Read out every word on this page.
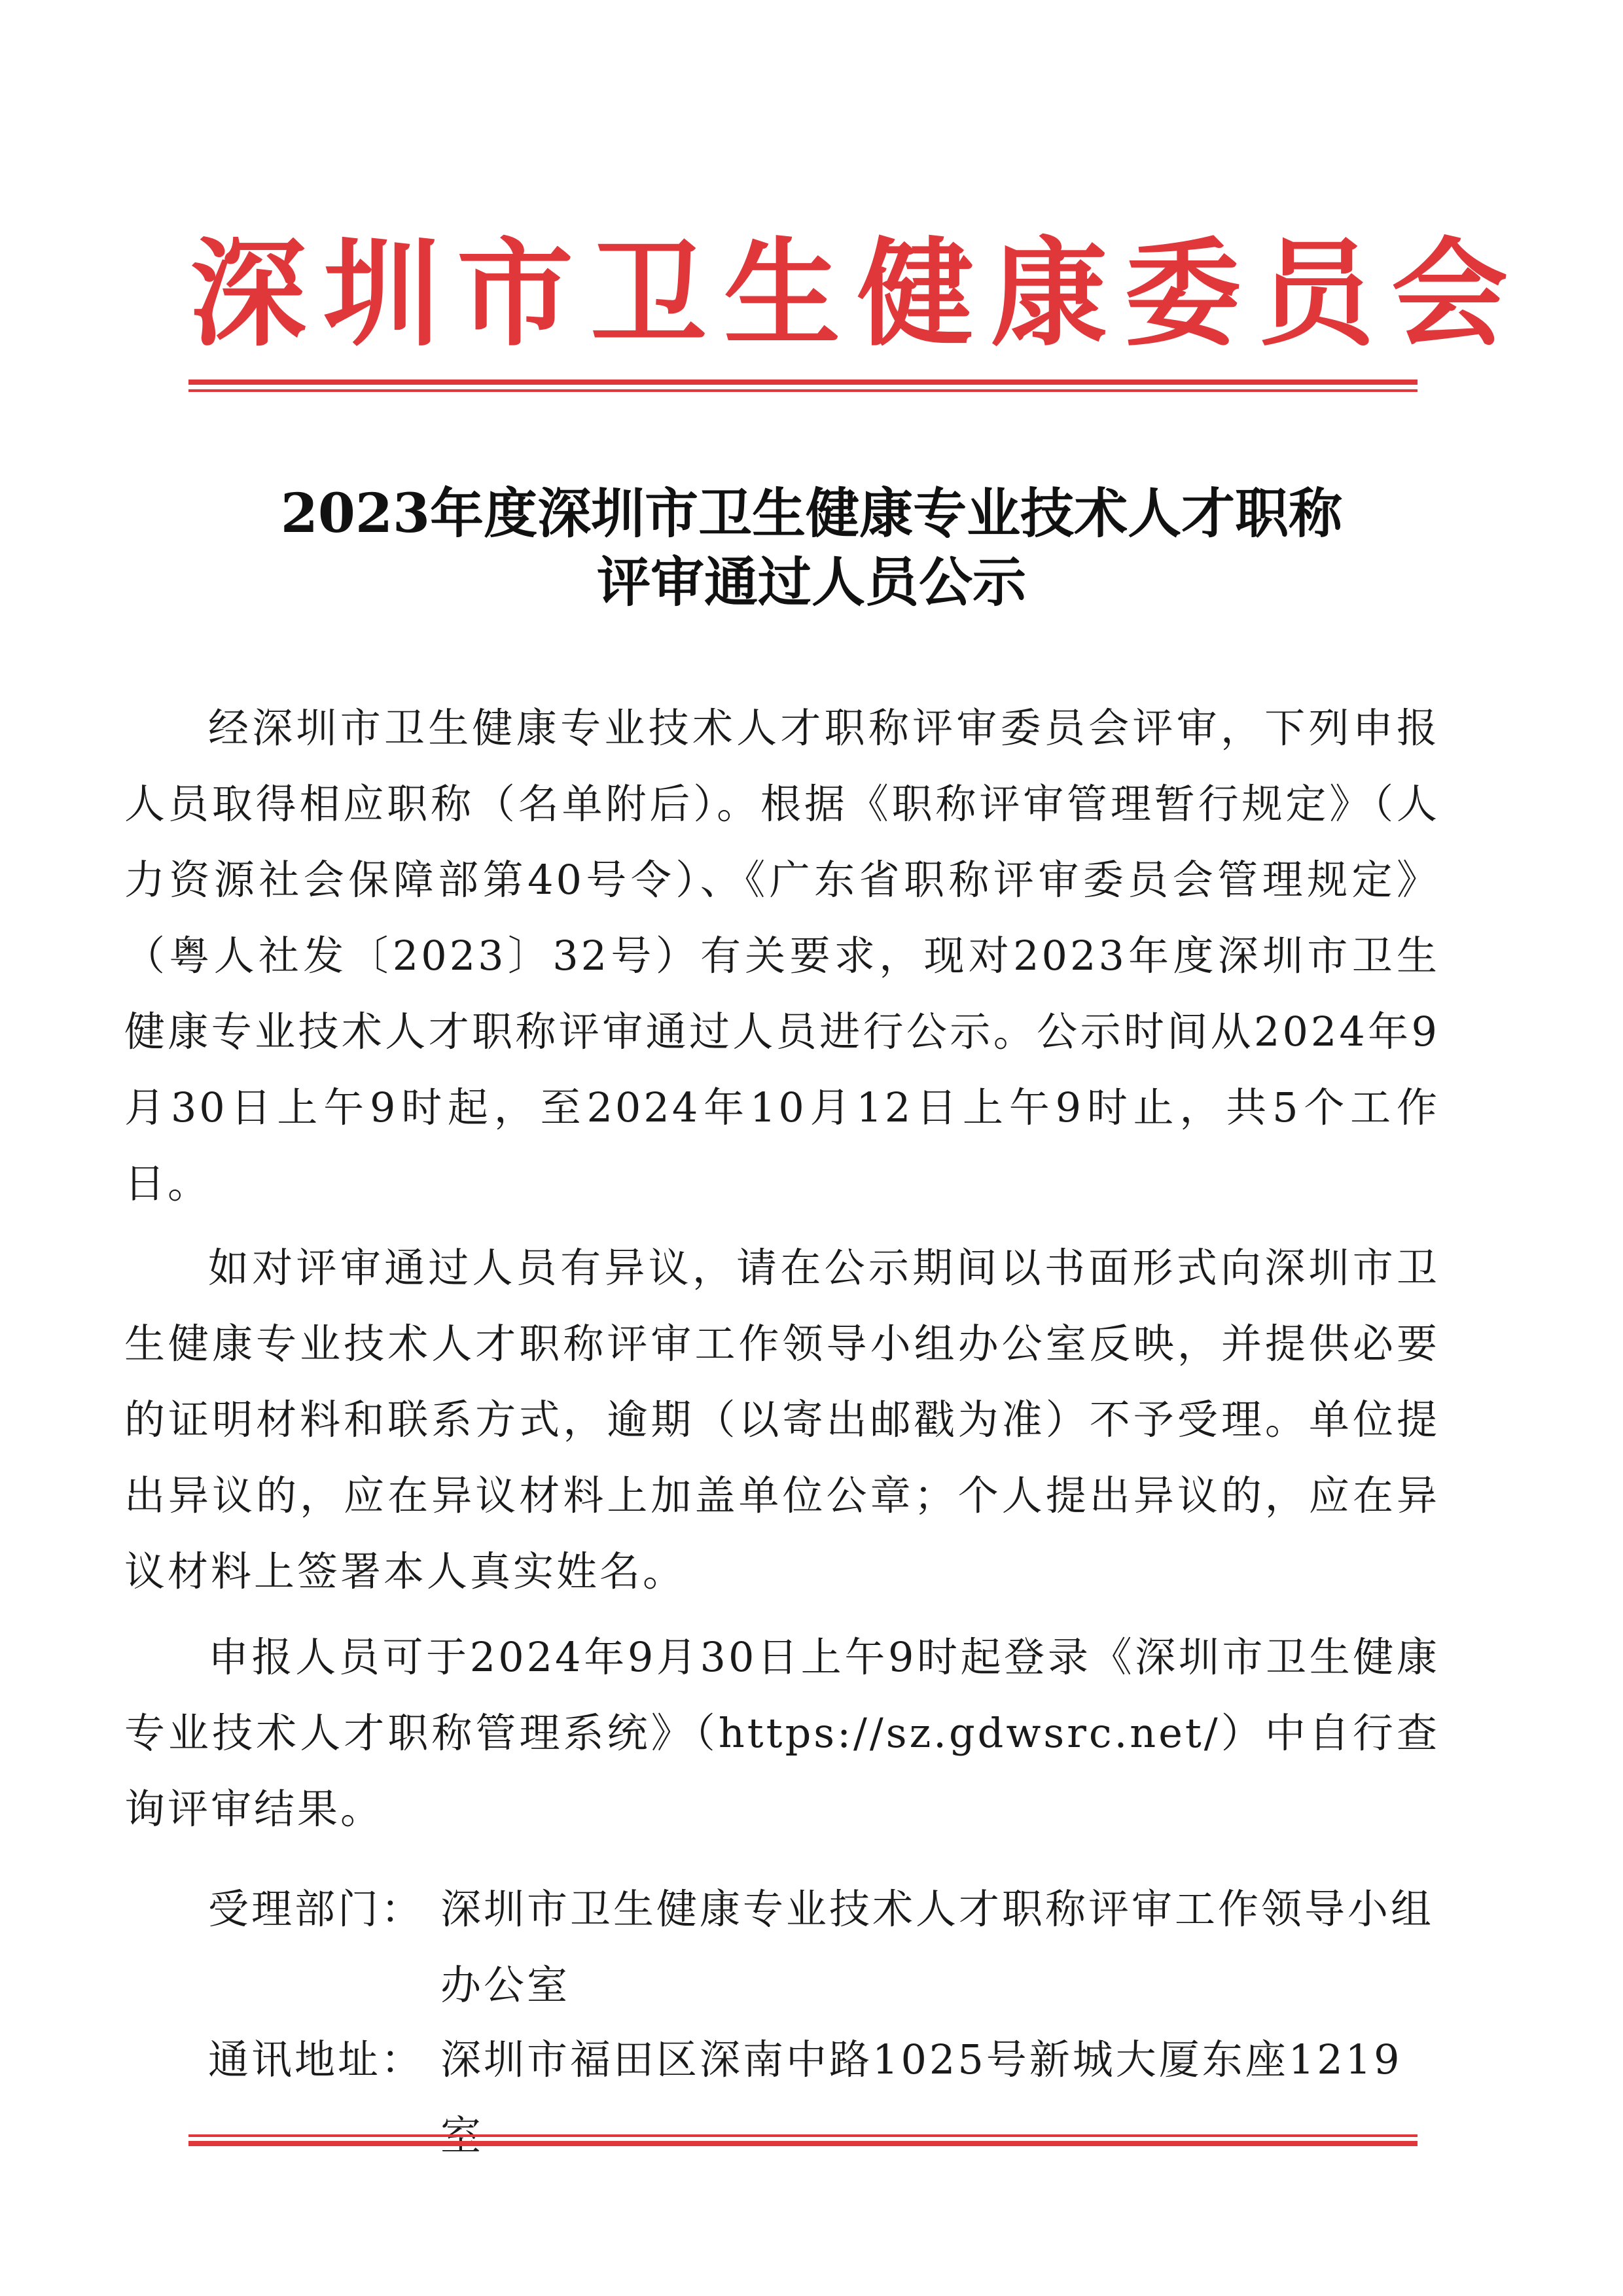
深圳市卫生健康委员会
2023年度深圳市卫生健康专业技术人才职称
评审通过人员公示

经深圳市卫生健康专业技术人才职称评审委员会评审，下列申报人员取得相应职称（名单附后）。根据《职称评审管理暂行规定》（人力资源社会保障部第40号令）、《广东省职称评审委员会管理规定》（粤人社发〔2023〕32号）有关要求，现对2023年度深圳市卫生健康专业技术人才职称评审通过人员进行公示。公示时间从2024年9月30日上午9时起，至2024年10月12日上午9时止，共5个工作日。

如对评审通过人员有异议，请在公示期间以书面形式向深圳市卫生健康专业技术人才职称评审工作领导小组办公室反映，并提供必要的证明材料和联系方式，逾期（以寄出邮戳为准）不予受理。单位提出异议的，应在异议材料上加盖单位公章；个人提出异议的，应在异议材料上签署本人真实姓名。

申报人员可于2024年9月30日上午9时起登录《深圳市卫生健康专业技术人才职称管理系统》（https://sz.gdwsrc.net/）中自行查询评审结果。

受理部门： 深圳市卫生健康专业技术人才职称评审工作领导小组办公室
通讯地址： 深圳市福田区深南中路1025号新城大厦东座1219
